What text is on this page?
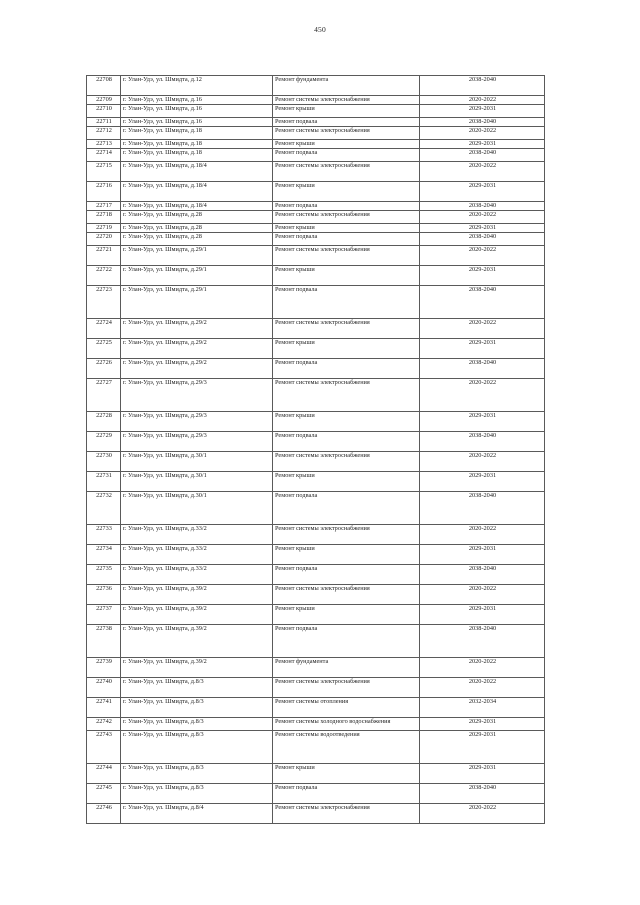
450
22708	г. Улан-Удэ, ул. Шмидта, д.12	Ремонт фундамента	2038-2040
22709	г. Улан-Удэ, ул. Шмидта, д.16	Ремонт системы электроснабжения	2020-2022
22710	г. Улан-Удэ, ул. Шмидта, д.16	Ремонт крыши	2029-2031
22711	г. Улан-Удэ, ул. Шмидта, д.16	Ремонт подвала	2038-2040
22712	г. Улан-Удэ, ул. Шмидта, д.18	Ремонт системы электроснабжения	2020-2022
22713	г. Улан-Удэ, ул. Шмидта, д.18	Ремонт крыши	2029-2031
22714	г. Улан-Удэ, ул. Шмидта, д.18	Ремонт подвала	2038-2040
22715	г. Улан-Удэ, ул. Шмидта, д.18/4	Ремонт системы электроснабжения	2020-2022
22716	г. Улан-Удэ, ул. Шмидта, д.18/4	Ремонт крыши	2029-2031
22717	г. Улан-Удэ, ул. Шмидта, д.18/4	Ремонт подвала	2038-2040
22718	г. Улан-Удэ, ул. Шмидта, д.28	Ремонт системы электроснабжения	2020-2022
22719	г. Улан-Удэ, ул. Шмидта, д.28	Ремонт крыши	2029-2031
22720	г. Улан-Удэ, ул. Шмидта, д.28	Ремонт подвала	2038-2040
22721	г. Улан-Удэ, ул. Шмидта, д.29/1	Ремонт системы электроснабжения	2020-2022
22722	г. Улан-Удэ, ул. Шмидта, д.29/1	Ремонт крыши	2029-2031
22723	г. Улан-Удэ, ул. Шмидта, д.29/1	Ремонт подвала	2038-2040
22724	г. Улан-Удэ, ул. Шмидта, д.29/2	Ремонт системы электроснабжения	2020-2022
22725	г. Улан-Удэ, ул. Шмидта, д.29/2	Ремонт крыши	2029-2031
22726	г. Улан-Удэ, ул. Шмидта, д.29/2	Ремонт подвала	2038-2040
22727	г. Улан-Удэ, ул. Шмидта, д.29/3	Ремонт системы электроснабжения	2020-2022
22728	г. Улан-Удэ, ул. Шмидта, д.29/3	Ремонт крыши	2029-2031
22729	г. Улан-Удэ, ул. Шмидта, д.29/3	Ремонт подвала	2038-2040
22730	г. Улан-Удэ, ул. Шмидта, д.30/1	Ремонт системы электроснабжения	2020-2022
22731	г. Улан-Удэ, ул. Шмидта, д.30/1	Ремонт крыши	2029-2031
22732	г. Улан-Удэ, ул. Шмидта, д.30/1	Ремонт подвала	2038-2040
22733	г. Улан-Удэ, ул. Шмидта, д.33/2	Ремонт системы электроснабжения	2020-2022
22734	г. Улан-Удэ, ул. Шмидта, д.33/2	Ремонт крыши	2029-2031
22735	г. Улан-Удэ, ул. Шмидта, д.33/2	Ремонт подвала	2038-2040
22736	г. Улан-Удэ, ул. Шмидта, д.39/2	Ремонт системы электроснабжения	2020-2022
22737	г. Улан-Удэ, ул. Шмидта, д.39/2	Ремонт крыши	2029-2031
22738	г. Улан-Удэ, ул. Шмидта, д.39/2	Ремонт подвала	2038-2040
22739	г. Улан-Удэ, ул. Шмидта, д.39/2	Ремонт фундамента	2020-2022
22740	г. Улан-Удэ, ул. Шмидта, д.8/3	Ремонт системы электроснабжения	2020-2022
22741	г. Улан-Удэ, ул. Шмидта, д.8/3	Ремонт системы отопления	2032-2034
22742	г. Улан-Удэ, ул. Шмидта, д.8/3	Ремонт системы холодного водоснабжения	2029-2031
22743	г. Улан-Удэ, ул. Шмидта, д.8/3	Ремонт системы водоотведения	2029-2031
22744	г. Улан-Удэ, ул. Шмидта, д.8/3	Ремонт крыши	2029-2031
22745	г. Улан-Удэ, ул. Шмидта, д.8/3	Ремонт подвала	2038-2040
22746	г. Улан-Удэ, ул. Шмидта, д.8/4	Ремонт системы электроснабжения	2020-2022
